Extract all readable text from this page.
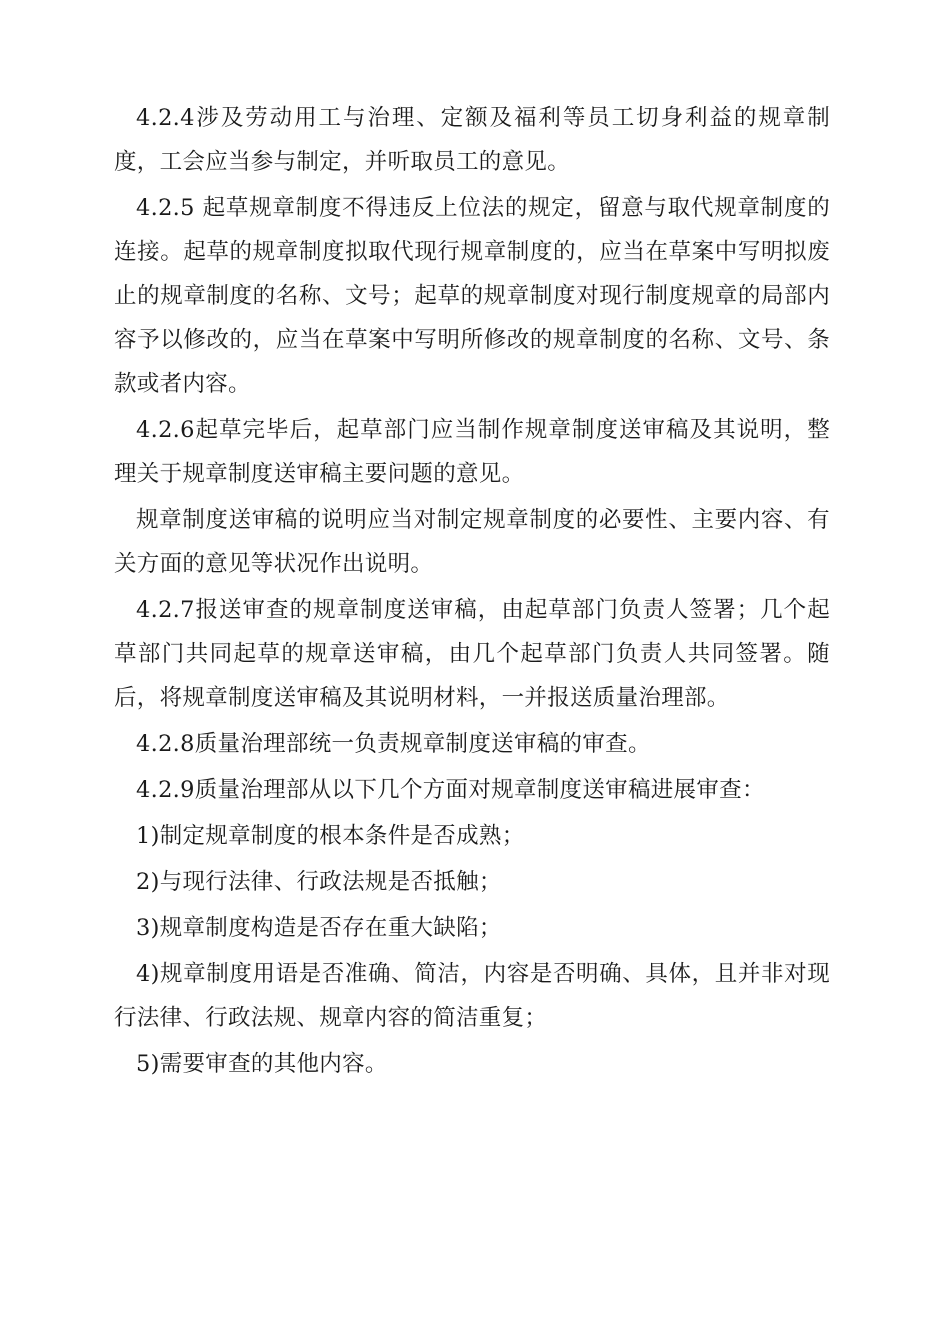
4.2.4涉及劳动用工与治理、定额及福利等员工切身利益的规章制度，工会应当参与制定，并听取员工的意见。

4.2.5 起草规章制度不得违反上位法的规定，留意与取代规章制度的连接。起草的规章制度拟取代现行规章制度的，应当在草案中写明拟废止的规章制度的名称、文号；起草的规章制度对现行制度规章的局部内容予以修改的，应当在草案中写明所修改的规章制度的名称、文号、条款或者内容。

4.2.6起草完毕后，起草部门应当制作规章制度送审稿及其说明，整理关于规章制度送审稿主要问题的意见。

规章制度送审稿的说明应当对制定规章制度的必要性、主要内容、有关方面的意见等状况作出说明。

4.2.7报送审查的规章制度送审稿，由起草部门负责人签署；几个起草部门共同起草的规章送审稿，由几个起草部门负责人共同签署。随后，将规章制度送审稿及其说明材料，一并报送质量治理部。

4.2.8质量治理部统一负责规章制度送审稿的审查。

4.2.9质量治理部从以下几个方面对规章制度送审稿进展审查：

1)制定规章制度的根本条件是否成熟；

2)与现行法律、行政法规是否抵触；

3)规章制度构造是否存在重大缺陷；

4)规章制度用语是否准确、简洁，内容是否明确、具体，且并非对现行法律、行政法规、规章内容的简洁重复；

5)需要审查的其他内容。
